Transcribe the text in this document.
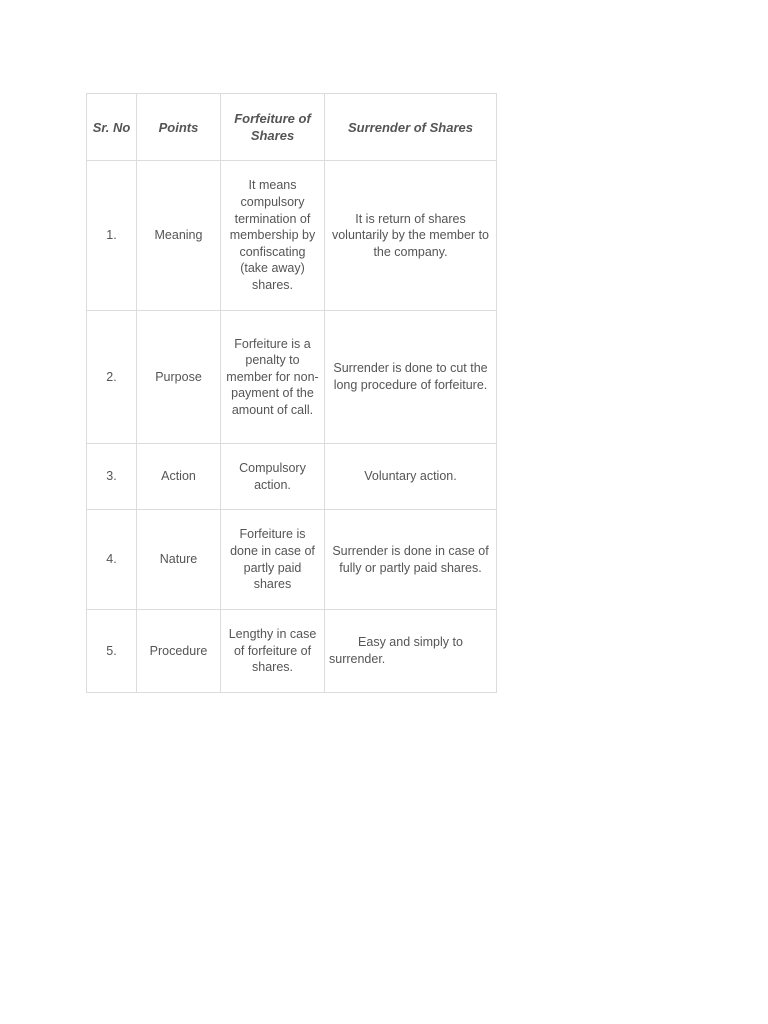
Sr. No	Points	Forfeiture of Shares	Surrender of Shares
1.	Meaning	It means compulsory termination of membership by confiscating (take away) shares.	It is return of shares voluntarily by the member to the company.
2.	Purpose	Forfeiture is a penalty to member for non-payment of the amount of call.	Surrender is done to cut the long procedure of forfeiture.
3.	Action	Compulsory action.	Voluntary action.
4.	Nature	Forfeiture is done in case of partly paid shares	Surrender is done in case of fully or partly paid shares.
5.	Procedure	Lengthy in case of forfeiture of shares.	Easy and simply to surrender.
